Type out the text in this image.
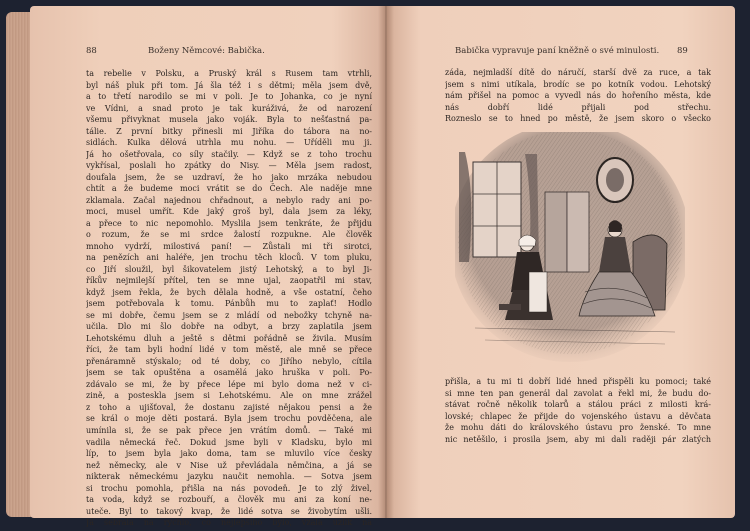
88	Boženy Němcové: Babička.
ta rebelie v Polsku, a Pruský král s Rusem tam vtrhli,
byl náš pluk při tom. Já šla též i s dětmi; měla jsem dvě,
a to třetí narodilo se mi v poli. Je to Johanka, co je nyní
ve Vídni, a snad proto je tak kuráživá, že od narození
všemu přivyknat musela jako voják. Byla to nešťastná pa-
tálie. Z první bitky přinesli mi Jiříka do tábora na no-
sidlách. Kulka dělová utrhla mu nohu. — Uříděli mu ji.
Já ho ošetřovala, co síly stačily. — Když se z toho trochu
vykřísal, poslali ho zpátky do Nisy. — Měla jsem radost,
doufala jsem, že se uzdraví, že ho jako mrzáka nebudou
chtít a že budeme moci vrátit se do Čech. Ale naděje mne
zklamala. Začal najednou chřadnout, a nebylo rady ani po-
moci, musel umřít. Kde jaký groš byl, dala jsem za léky,
a přece to nic nepomohlo. Myslila jsem tenkráte, že přijdu
o rozum, že se mi srdce žalostí rozpukne. Ale člověk
mnoho vydrží, milostivá paní! — Zůstali mi tři sirotci,
na penězích ani haléře, jen trochu těch kloců. V tom pluku,
co Jiří sloužil, byl šikovatelem jistý Lehotský, a to byl Ji-
říkův nejmilejší přítel, ten se mne ujal, zaopatřil mi stav,
když jsem řekla, že bych dělala hodně, a vše ostatní, čeho
jsem potřebovala k tomu. Pánbůh mu to zaplať! Hodlo
se mi dobře, čemu jsem se z mládí od nebožky tchyně na-
učila. Dlo mi šlo dobře na odbyt, a brzy zaplatila jsem
Lehotskému dluh a ještě s dětmi pořádně se živila. Musím
říci, že tam byli hodní lidé v tom městě, ale mně se přece
přenáramně stýskalo; od té doby, co Jiřího nebylo, cítila
jsem se tak opuštěna a osamělá jako hruška v poli. Po-
zdávalo se mi, že by přece lépe mi bylo doma než v ci-
zině, a posteskla jsem si Lehotskému. Ale on mne zrážel
z toho a ujišťoval, že dostanu zajisté nějakou pensi a že
se král o moje děti postará. Byla jsem trochu povděčena, ale
umínila si, že se pak přece jen vrátím domů. — Také mi
vadila německá řeč. Dokud jsme byli v Kladsku, bylo mi
líp, to jsem byla jako doma, tam se mluvilo více česky
než německy, ale v Nise už převládala němčina, a já se
nikterak německému jazyku naučit nemohla. — Sotva jsem
si trochu pomohla, přišla na nás povodeň. Je to zlý živel,
ta voda, když se rozbouří, a člověk mu ani za koní ne-
uteče. Byl to takový kvap, že lidé sotva se živobytím ušli.
Já sebrala na rychlo, co nejlepšího bylo, vzala uzlík na
Babička vypravuje paní kněžně o své minulosti.	89
záda, nejmladší dítě do náručí, starší dvě za ruce, a tak
jsem s nimi utíkala, brodíc se po kotník vodou. Lehotský
nám přišel na pomoc a vyvedl nás do hořeního města, kde
nás dobří lidé přijali pod střechu.
Rozneslo se to hned po městě, že jsem skoro o všecko
přišla, a tu mi ti dobří lidé hned přispěli ku pomoci; také
si mne ten pan generál dal zavolat a řekl mi, že budu do-
stávat ročně několik tolarů a stálou práci z milosti krá-
lovské; chlapec že přijde do vojenského ústavu a děvčata
že mohu dáti do královského ústavu pro ženské. To mne
nic netěšilo, i prosila jsem, aby mi dali raději pár zlatých
